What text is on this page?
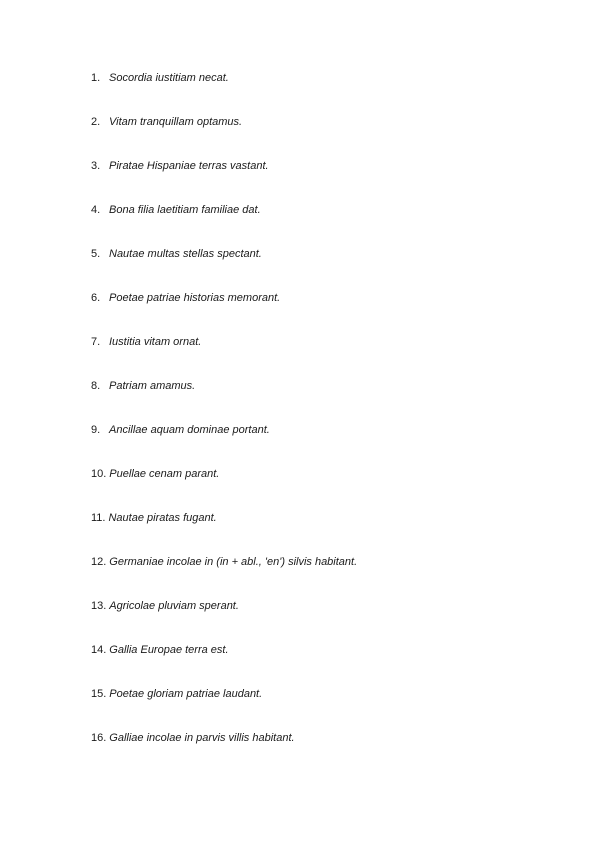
1. Socordia iustitiam necat.
2. Vitam tranquillam optamus.
3. Piratae Hispaniae terras vastant.
4. Bona filia laetitiam familiae dat.
5. Nautae multas stellas spectant.
6. Poetae patriae historias memorant.
7. Iustitia vitam ornat.
8. Patriam amamus.
9. Ancillae aquam dominae portant.
10. Puellae cenam parant.
11. Nautae piratas fugant.
12. Germaniae incolae in (in + abl., 'en') silvis habitant.
13. Agricolae pluviam sperant.
14. Gallia Europae terra est.
15. Poetae gloriam patriae laudant.
16. Galliae incolae in parvis villis habitant.
